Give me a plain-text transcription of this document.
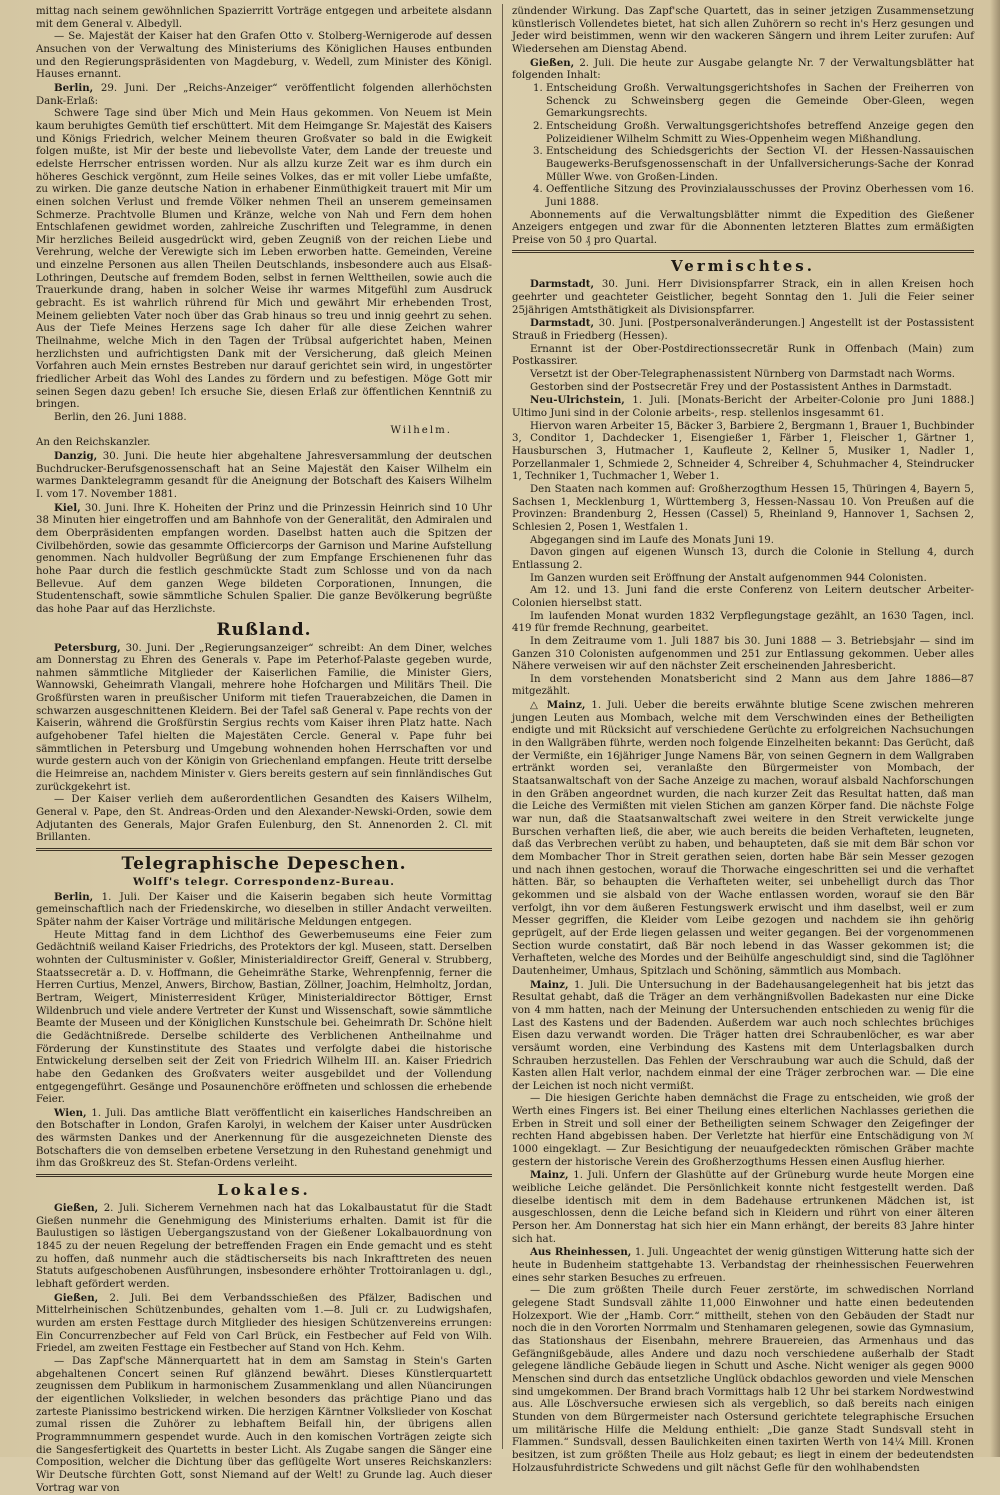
mittag nach seinem gewöhnlichen Spazierritt Vorträge entgegen und arbeitete alsdann mit dem General v. Albedyll.

— Se. Majestät der Kaiser hat den Grafen Otto v. Stolberg-Wernigerode auf dessen Ansuchen von der Verwaltung des Ministeriums des Königlichen Hauses entbunden und den Regierungspräsidenten von Magdeburg, v. Wedell, zum Minister des Königl. Hauses ernannt.

Berlin, 29. Juni. Der „Reichs-Anzeiger“ veröffentlicht folgenden allerhöchsten Dank-Erlaß:

Schwere Tage sind über Mich und Mein Haus gekommen. Von Neuem ist Mein kaum beruhigtes Gemüth tief erschüttert. Mit dem Heimgange Sr. Majestät des Kaisers und Königs Friedrich, welcher Meinem theuren Großvater so bald in die Ewigkeit folgen mußte, ist Mir der beste und liebevollste Vater, dem Lande der treueste und edelste Herrscher entrissen worden. Nur als allzu kurze Zeit war es ihm durch ein höheres Geschick vergönnt, zum Heile seines Volkes, das er mit voller Liebe umfaßte, zu wirken. Die ganze deutsche Nation in erhabener Einmüthigkeit trauert mit Mir um einen solchen Verlust und fremde Völker nehmen Theil an unserem gemeinsamen Schmerze. Prachtvolle Blumen und Kränze, welche von Nah und Fern dem hohen Entschlafenen gewidmet worden, zahlreiche Zuschriften und Telegramme, in denen Mir herzliches Beileid ausgedrückt wird, geben Zeugniß von der reichen Liebe und Verehrung, welche der Verewigte sich im Leben erworben hatte. Gemeinden, Vereine und einzelne Personen aus allen Theilen Deutschlands, insbesondere auch aus Elsaß-Lothringen, Deutsche auf fremdem Boden, selbst in fernen Welttheilen, sowie auch die Trauerkunde drang, haben in solcher Weise ihr warmes Mitgefühl zum Ausdruck gebracht. Es ist wahrlich rührend für Mich und gewährt Mir erhebenden Trost, Meinem geliebten Vater noch über das Grab hinaus so treu und innig geehrt zu sehen. Aus der Tiefe Meines Herzens sage Ich daher für alle diese Zeichen wahrer Theilnahme, welche Mich in den Tagen der Trübsal aufgerichtet haben, Meinen herzlichsten und aufrichtigsten Dank mit der Versicherung, daß gleich Meinen Vorfahren auch Mein ernstes Bestreben nur darauf gerichtet sein wird, in ungestörter friedlicher Arbeit das Wohl des Landes zu fördern und zu befestigen. Möge Gott mir seinen Segen dazu geben! Ich ersuche Sie, diesen Erlaß zur öffentlichen Kenntniß zu bringen.

Berlin, den 26. Juni 1888.

Wilhelm.

An den Reichskanzler.

Danzig, 30. Juni. Die heute hier abgehaltene Jahresversammlung der deutschen Buchdrucker-Berufsgenossenschaft hat an Seine Majestät den Kaiser Wilhelm ein warmes Danktelegramm gesandt für die Aneignung der Botschaft des Kaisers Wilhelm I. vom 17. November 1881.

Kiel, 30. Juni. Ihre K. Hoheiten der Prinz und die Prinzessin Heinrich sind 10 Uhr 38 Minuten hier eingetroffen und am Bahnhofe von der Generalität, den Admiralen und dem Oberpräsidenten empfangen worden. Daselbst hatten auch die Spitzen der Civilbehörden, sowie das gesammte Officiercorps der Garnison und Marine Aufstellung genommen. Nach huldvoller Begrüßung der zum Empfange Erschienenen fuhr das hohe Paar durch die festlich geschmückte Stadt zum Schlosse und von da nach Bellevue. Auf dem ganzen Wege bildeten Corporationen, Innungen, die Studentenschaft, sowie sämmtliche Schulen Spalier. Die ganze Bevölkerung begrüßte das hohe Paar auf das Herzlichste.

Rußland.

Petersburg, 30. Juni. Der „Regierungsanzeiger“ schreibt: An dem Diner, welches am Donnerstag zu Ehren des Generals v. Pape im Peterhof-Palaste gegeben wurde, nahmen sämmtliche Mitglieder der Kaiserlichen Familie, die Minister Giers, Wannowski, Geheimrath Vlangali, mehrere hohe Hofchargen und Militärs Theil. Die Großfürsten waren in preußischer Uniform mit tiefen Trauerabzeichen, die Damen in schwarzen ausgeschnittenen Kleidern. Bei der Tafel saß General v. Pape rechts von der Kaiserin, während die Großfürstin Sergius rechts vom Kaiser ihren Platz hatte. Nach aufgehobener Tafel hielten die Majestäten Cercle. General v. Pape fuhr bei sämmtlichen in Petersburg und Umgebung wohnenden hohen Herrschaften vor und wurde gestern auch von der Königin von Griechenland empfangen. Heute tritt derselbe die Heimreise an, nachdem Minister v. Giers bereits gestern auf sein finnländisches Gut zurückgekehrt ist.

— Der Kaiser verlieh dem außerordentlichen Gesandten des Kaisers Wilhelm, General v. Pape, den St. Andreas-Orden und den Alexander-Newski-Orden, sowie dem Adjutanten des Generals, Major Grafen Eulenburg, den St. Annenorden 2. Cl. mit Brillanten.

Telegraphische Depeschen.
Wolff's telegr. Correspondenz-Bureau.

Berlin, 1. Juli. Der Kaiser und die Kaiserin begaben sich heute Vormittag gemeinschaftlich nach der Friedenskirche, wo dieselben in stiller Andacht verweilten. Später nahm der Kaiser Vorträge und militärische Meldungen entgegen.

Heute Mittag fand in dem Lichthof des Gewerbemuseums eine Feier zum Gedächtniß weiland Kaiser Friedrichs, des Protektors der kgl. Museen, statt. Derselben wohnten der Cultusminister v. Goßler, Ministerialdirector Greiff, General v. Strubberg, Staatssecretär a. D. v. Hoffmann, die Geheimräthe Starke, Wehrenpfennig, ferner die Herren Curtius, Menzel, Anwers, Birchow, Bastian, Zöllner, Joachim, Helmholtz, Jordan, Bertram, Weigert, Ministerresident Krüger, Ministerialdirector Böttiger, Ernst Wildenbruch und viele andere Vertreter der Kunst und Wissenschaft, sowie sämmtliche Beamte der Museen und der Königlichen Kunstschule bei. Geheimrath Dr. Schöne hielt die Gedächtnißrede. Derselbe schilderte des Verblichenen Antheilnahme und Förderung der Kunstinstitute des Staates und verfolgte dabei die historische Entwickelung derselben seit der Zeit von Friedrich Wilhelm III. an. Kaiser Friedrich habe den Gedanken des Großvaters weiter ausgebildet und der Vollendung entgegengeführt. Gesänge und Posaunenchöre eröffneten und schlossen die erhebende Feier.

Wien, 1. Juli. Das amtliche Blatt veröffentlicht ein kaiserliches Handschreiben an den Botschafter in London, Grafen Karolyi, in welchem der Kaiser unter Ausdrücken des wärmsten Dankes und der Anerkennung für die ausgezeichneten Dienste des Botschafters die von demselben erbetene Versetzung in den Ruhestand genehmigt und ihm das Großkreuz des St. Stefan-Ordens verleiht.

Lokales.

Gießen, 2. Juli. Sicherem Vernehmen nach hat das Lokalbaustatut für die Stadt Gießen nunmehr die Genehmigung des Ministeriums erhalten. Damit ist für die Baulustigen so lästigen Uebergangszustand von der Gießener Lokalbauordnung von 1845 zu der neuen Regelung der betreffenden Fragen ein Ende gemacht und es steht zu hoffen, daß nunmehr auch die städtischerseits bis nach Inkrafttreten des neuen Statuts aufgeschobenen Ausführungen, insbesondere erhöhter Trottoiranlagen u. dgl., lebhaft gefördert werden.

Gießen, 2. Juli. Bei dem Verbandsschießen des Pfälzer, Badischen und Mittelrheinischen Schützenbundes, gehalten vom 1.—8. Juli cr. zu Ludwigshafen, wurden am ersten Festtage durch Mitglieder des hiesigen Schützenvereins errungen: Ein Concurrenzbecher auf Feld von Carl Brück, ein Festbecher auf Feld von Wilh. Friedel, am zweiten Festtage ein Festbecher auf Stand von Hch. Kehm.

— Das Zapf'sche Männerquartett hat in dem am Samstag in Stein's Garten abgehaltenen Concert seinen Ruf glänzend bewährt. Dieses Künstlerquartett zeugnissen dem Publikum in harmonischem Zusammenklang und allen Nüancirungen der eigentlichen Volkslieder, in welchen besonders das prächtige Piano und das zarteste Pianissimo bestrickend wirken. Die herzigen Kärntner Volkslieder von Koschat zumal rissen die Zuhörer zu lebhaftem Beifall hin, der übrigens allen Programmnummern gespendet wurde. Auch in den komischen Vorträgen zeigte sich die Sangesfertigkeit des Quartetts in bester Licht. Als Zugabe sangen die Sänger eine Composition, welcher die Dichtung über das geflügelte Wort unseres Reichskanzlers: Wir Deutsche fürchten Gott, sonst Niemand auf der Welt! zu Grunde lag. Auch dieser Vortrag war von

zündender Wirkung. Das Zapf'sche Quartett, das in seiner jetzigen Zusammensetzung künstlerisch Vollendetes bietet, hat sich allen Zuhörern so recht in's Herz gesungen und Jeder wird beistimmen, wenn wir den wackeren Sängern und ihrem Leiter zurufen: Auf Wiedersehen am Dienstag Abend.

Gießen, 2. Juli. Die heute zur Ausgabe gelangte Nr. 7 der Verwaltungsblätter hat folgenden Inhalt:

1. Entscheidung Großh. Verwaltungsgerichtshofes in Sachen der Freiherren von Schenck zu Schweinsberg gegen die Gemeinde Ober-Gleen, wegen Gemarkungsrechts.
2. Entscheidung Großh. Verwaltungsgerichtshofes betreffend Anzeige gegen den Polizeidiener Wilhelm Schmitt zu Wies-Oppenheim wegen Mißhandlung.
3. Entscheidung des Schiedsgerichts der Section VI. der Hessen-Nassauischen Baugewerks-Berufsgenossenschaft in der Unfallversicherungs-Sache der Konrad Müller Wwe. von Großen-Linden.
4. Oeffentliche Sitzung des Provinzialausschusses der Provinz Oberhessen vom 16. Juni 1888.

Abonnements auf die Verwaltungsblätter nimmt die Expedition des Gießener Anzeigers entgegen und zwar für die Abonnenten letzteren Blattes zum ermäßigten Preise von 50 ₰ pro Quartal.

Vermischtes.

Darmstadt, 30. Juni. Herr Divisionspfarrer Strack, ein in allen Kreisen hoch geehrter und geachteter Geistlicher, begeht Sonntag den 1. Juli die Feier seiner 25jährigen Amtsthätigkeit als Divisionspfarrer.

Darmstadt, 30. Juni. [Postpersonalveränderungen.] Angestellt ist der Postassistent Strauß in Friedberg (Hessen).

Ernannt ist der Ober-Postdirectionssecretär Runk in Offenbach (Main) zum Postkassirer.

Versetzt ist der Ober-Telegraphenassistent Nürnberg von Darmstadt nach Worms.

Gestorben sind der Postsecretär Frey und der Postassistent Anthes in Darmstadt.

Neu-Ulrichstein, 1. Juli. [Monats-Bericht der Arbeiter-Colonie pro Juni 1888.] Ultimo Juni sind in der Colonie arbeits-, resp. stellenlos insgesammt 61.

Hiervon waren Arbeiter 15, Bäcker 3, Barbiere 2, Bergmann 1, Brauer 1, Buchbinder 3, Conditor 1, Dachdecker 1, Eisengießer 1, Färber 1, Fleischer 1, Gärtner 1, Hausburschen 3, Hutmacher 1, Kaufleute 2, Kellner 5, Musiker 1, Nadler 1, Porzellanmaler 1, Schmiede 2, Schneider 4, Schreiber 4, Schuhmacher 4, Steindrucker 1, Techniker 1, Tuchmacher 1, Weber 1.

Den Staaten nach kommen auf: Großherzogthum Hessen 15, Thüringen 4, Bayern 5, Sachsen 1, Mecklenburg 1, Württemberg 3, Hessen-Nassau 10. Von Preußen auf die Provinzen: Brandenburg 2, Hessen (Cassel) 5, Rheinland 9, Hannover 1, Sachsen 2, Schlesien 2, Posen 1, Westfalen 1.

Abgegangen sind im Laufe des Monats Juni 19.

Davon gingen auf eigenen Wunsch 13, durch die Colonie in Stellung 4, durch Entlassung 2.

Im Ganzen wurden seit Eröffnung der Anstalt aufgenommen 944 Colonisten.

Am 12. und 13. Juni fand die erste Conferenz von Leitern deutscher Arbeiter-Colonien hierselbst statt.

Im laufenden Monat wurden 1832 Verpflegungstage gezählt, an 1630 Tagen, incl. 419 für fremde Rechnung, gearbeitet.

In dem Zeitraume vom 1. Juli 1887 bis 30. Juni 1888 — 3. Betriebsjahr — sind im Ganzen 310 Colonisten aufgenommen und 251 zur Entlassung gekommen. Ueber alles Nähere verweisen wir auf den nächster Zeit erscheinenden Jahresbericht.

In dem vorstehenden Monatsbericht sind 2 Mann aus dem Jahre 1886—87 mitgezählt.

△ Mainz, 1. Juli. Ueber die bereits erwähnte blutige Scene zwischen mehreren jungen Leuten aus Mombach, welche mit dem Verschwinden eines der Betheiligten endigte und mit Rücksicht auf verschiedene Gerüchte zu erfolgreichen Nachsuchungen in den Wallgräben führte, werden noch folgende Einzelheiten bekannt: Das Gerücht, daß der Vermißte, ein 16jähriger Junge Namens Bär, von seinen Gegnern in dem Wallgraben ertränkt worden sei, veranlaßte den Bürgermeister von Mombach, der Staatsanwaltschaft von der Sache Anzeige zu machen, worauf alsbald Nachforschungen in den Gräben angeordnet wurden, die nach kurzer Zeit das Resultat hatten, daß man die Leiche des Vermißten mit vielen Stichen am ganzen Körper fand. Die nächste Folge war nun, daß die Staatsanwaltschaft zwei weitere in den Streit verwickelte junge Burschen verhaften ließ, die aber, wie auch bereits die beiden Verhafteten, leugneten, daß das Verbrechen verübt zu haben, und behaupteten, daß sie mit dem Bär schon vor dem Mombacher Thor in Streit gerathen seien, dorten habe Bär sein Messer gezogen und nach ihnen gestochen, worauf die Thorwache eingeschritten sei und die verhaftet hätten. Bär, so behaupten die Verhafteten weiter, sei unbehelligt durch das Thor gekommen und sie alsbald von der Wache entlassen worden, worauf sie den Bär verfolgt, ihn vor dem äußeren Festungswerk erwischt und ihm daselbst, weil er zum Messer gegriffen, die Kleider vom Leibe gezogen und nachdem sie ihn gehörig geprügelt, auf der Erde liegen gelassen und weiter gegangen. Bei der vorgenommenen Section wurde constatirt, daß Bär noch lebend in das Wasser gekommen ist; die Verhafteten, welche des Mordes und der Beihülfe angeschuldigt sind, sind die Taglöhner Dautenheimer, Umhaus, Spitzlach und Schöning, sämmtlich aus Mombach.

Mainz, 1. Juli. Die Untersuchung in der Badehausangelegenheit hat bis jetzt das Resultat gehabt, daß die Träger an dem verhängnißvollen Badekasten nur eine Dicke von 4 mm hatten, nach der Meinung der Untersuchenden entschieden zu wenig für die Last des Kastens und der Badenden. Außerdem war auch noch schlechtes brüchiges Eisen dazu verwandt worden. Die Träger hatten drei Schraubenlöcher, es war aber versäumt worden, eine Verbindung des Kastens mit dem Unterlagsbalken durch Schrauben herzustellen. Das Fehlen der Verschraubung war auch die Schuld, daß der Kasten allen Halt verlor, nachdem einmal der eine Träger zerbrochen war. — Die eine der Leichen ist noch nicht vermißt.

— Die hiesigen Gerichte haben demnächst die Frage zu entscheiden, wie groß der Werth eines Fingers ist. Bei einer Theilung eines elterlichen Nachlasses geriethen die Erben in Streit und soll einer der Betheiligten seinem Schwager den Zeigefinger der rechten Hand abgebissen haben. Der Verletzte hat hierfür eine Entschädigung von ℳ 1000 eingeklagt. — Zur Besichtigung der neuaufgedeckten römischen Gräber machte gestern der historische Verein des Großherzogthums Hessen einen Ausflug hierher.

Mainz, 1. Juli. Unfern der Glashütte auf der Grüneburg wurde heute Morgen eine weibliche Leiche geländet. Die Persönlichkeit konnte nicht festgestellt werden. Daß dieselbe identisch mit dem in dem Badehause ertrunkenen Mädchen ist, ist ausgeschlossen, denn die Leiche befand sich in Kleidern und rührt von einer älteren Person her. Am Donnerstag hat sich hier ein Mann erhängt, der bereits 83 Jahre hinter sich hat.

Aus Rheinhessen, 1. Juli. Ungeachtet der wenig günstigen Witterung hatte sich der heute in Budenheim stattgehabte 13. Verbandstag der rheinhessischen Feuerwehren eines sehr starken Besuches zu erfreuen.

— Die zum größten Theile durch Feuer zerstörte, im schwedischen Norrland gelegene Stadt Sundsvall zählte 11,000 Einwohner und hatte einen bedeutenden Holzexport. Wie der „Hamb. Corr.“ mittheilt, stehen von den Gebäuden der Stadt nur noch die in den Vororten Norrmalm und Stenhamaren gelegenen, sowie das Gymnasium, das Stationshaus der Eisenbahn, mehrere Brauereien, das Armenhaus und das Gefängnißgebäude, alles Andere und dazu noch verschiedene außerhalb der Stadt gelegene ländliche Gebäude liegen in Schutt und Asche. Nicht weniger als gegen 9000 Menschen sind durch das entsetzliche Unglück obdachlos geworden und viele Menschen sind umgekommen. Der Brand brach Vormittags halb 12 Uhr bei starkem Nordwestwind aus. Alle Löschversuche erwiesen sich als vergeblich, so daß bereits nach einigen Stunden von dem Bürgermeister nach Ostersund gerichtete telegraphische Ersuchen um militärische Hilfe die Meldung enthielt: „Die ganze Stadt Sundsvall steht in Flammen.“ Sundsvall, dessen Baulichkeiten einen taxirten Werth von 14¼ Mill. Kronen besitzen, ist zum größten Theile aus Holz gebaut; es liegt in einem der bedeutendsten Holzausfuhrdistricte Schwedens und gilt nächst Gefle für den wohlhabendsten
